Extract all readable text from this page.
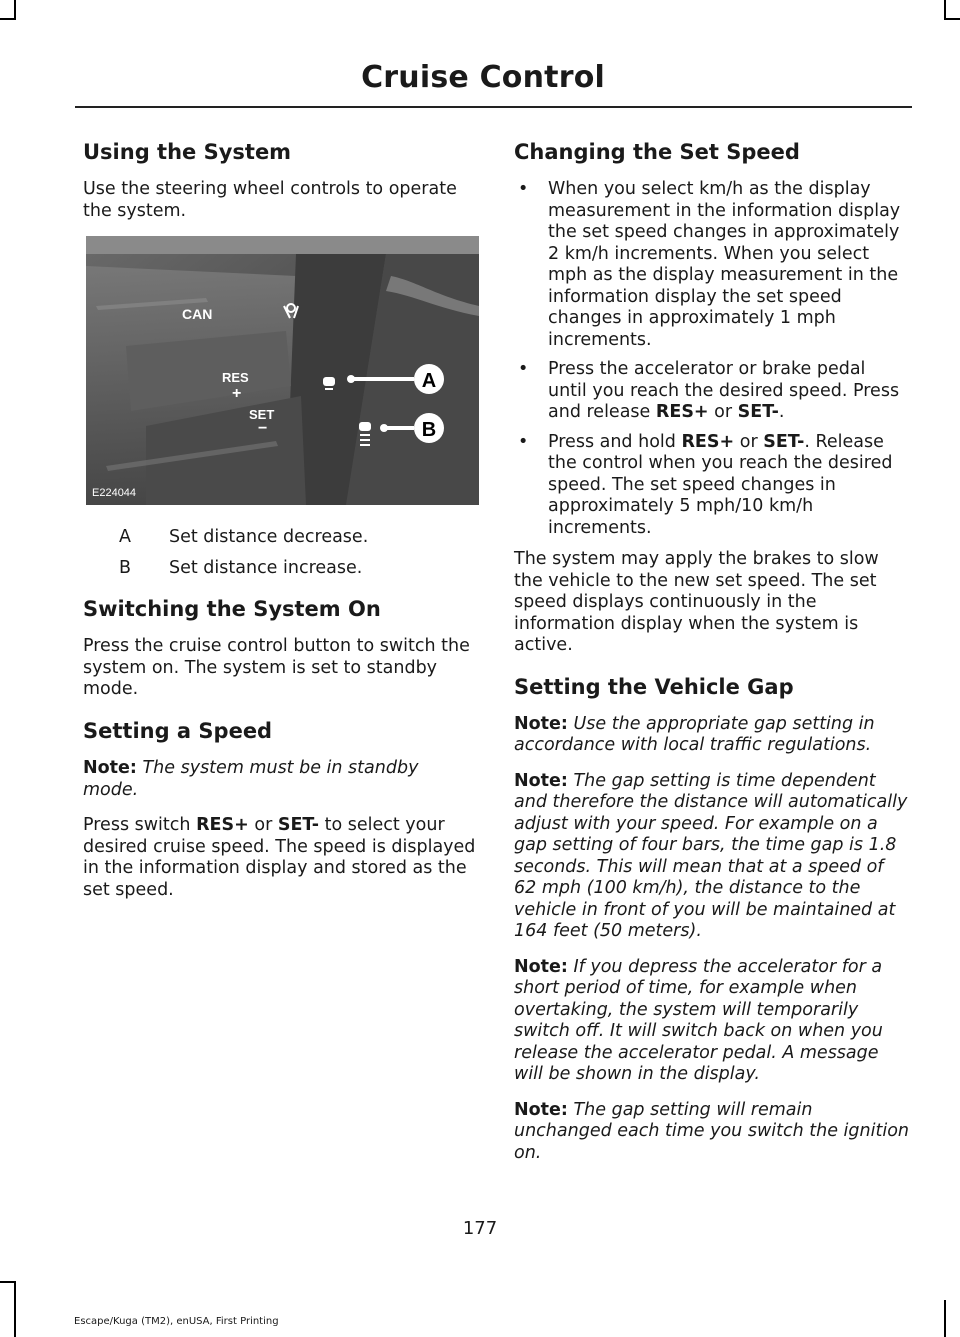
Cruise Control
Using the System

Use the steering wheel controls to operate the system.

CAN
RES
+
SET
−
A
B
E224044
A	Set distance decrease.
B	Set distance increase.
Switching the System On

Press the cruise control button to switch the system on. The system is set to standby mode.

Setting a Speed

Note: The system must be in standby mode.

Press switch RES+ or SET- to select your desired cruise speed. The speed is displayed in the information display and stored as the set speed.

Changing the Set Speed
• When you select km/h as the display measurement in the information display the set speed changes in approximately 2 km/h increments. When you select mph as the display measurement in the information display the set speed changes in approximately 1 mph increments.
• Press the accelerator or brake pedal until you reach the desired speed. Press and release RES+ or SET-.
• Press and hold RES+ or SET-. Release the control when you reach the desired speed. The set speed changes in approximately 5 mph/10 km/h increments.

The system may apply the brakes to slow the vehicle to the new set speed. The set speed displays continuously in the information display when the system is active.

Setting the Vehicle Gap

Note: Use the appropriate gap setting in accordance with local traffic regulations.

Note: The gap setting is time dependent and therefore the distance will automatically adjust with your speed. For example on a gap setting of four bars, the time gap is 1.8 seconds. This will mean that at a speed of 62 mph (100 km/h), the distance to the vehicle in front of you will be maintained at 164 feet (50 meters).

Note: If you depress the accelerator for a short period of time, for example when overtaking, the system will temporarily switch off. It will switch back on when you release the accelerator pedal. A message will be shown in the display.

Note: The gap setting will remain unchanged each time you switch the ignition on.

177
Escape/Kuga (TM2), enUSA, First Printing
